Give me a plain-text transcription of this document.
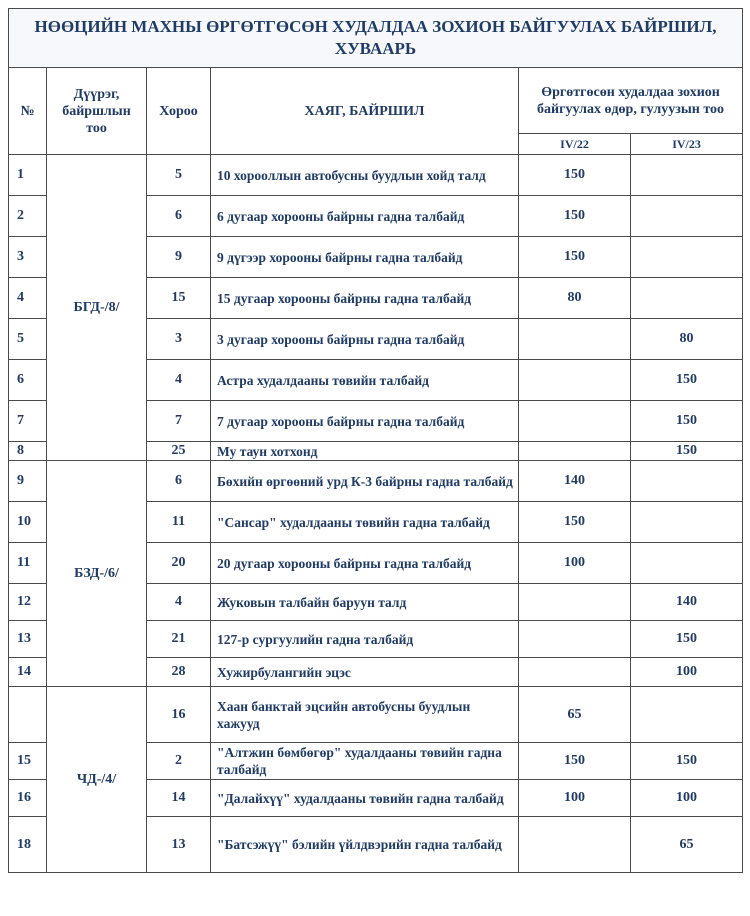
НӨӨЦИЙН МАХНЫ ӨРГӨТГӨСӨН ХУДАЛДАА ЗОХИОН БАЙГУУЛАХ БАЙРШИЛ, ХУВААРЬ					
№	Дүүрэг, байршлын тоо	Хороо	ХАЯГ, БАЙРШИЛ	Өргөтгөсөн худалдаа зохион байгуулах өдөр, гулуузын тоо	
				IV/22	IV/23
1	БГД-/8/	5	10 хорооллын автобусны буудлын хойд талд	150	
2		6	6 дугаар хорооны байрны гадна талбайд	150	
3		9	9 дүгээр хорооны байрны гадна талбайд	150	
4		15	15 дугаар хорооны байрны гадна талбайд	80	
5		3	3 дугаар хорооны байрны гадна талбайд		80
6		4	Астра худалдааны төвийн талбайд		150
7		7	7 дугаар хорооны байрны гадна талбайд		150
8		25	Му таун хотхонд		150
9	БЗД-/6/	6	Бөхийн өргөөний урд К-3 байрны гадна талбайд	140	
10		11	"Сансар" худалдааны төвийн гадна талбайд	150	
11		20	20 дугаар хорооны байрны гадна талбайд	100	
12		4	Жуковын талбайн баруун талд		140
13		21	127-р сургуулийн гадна талбайд		150
14		28	Хужирбулангийн эцэс		100
	ЧД-/4/	16	Хаан банктай эцсийн автобусны буудлын хажууд	65	
15		2	"Алтжин бөмбөгөр" худалдааны төвийн гадна талбайд	150	150
16		14	"Далайхүү" худалдааны төвийн гадна талбайд	100	100
18		13	"Батсэжүү" бэлийн үйлдвэрийн гадна талбайд		65
